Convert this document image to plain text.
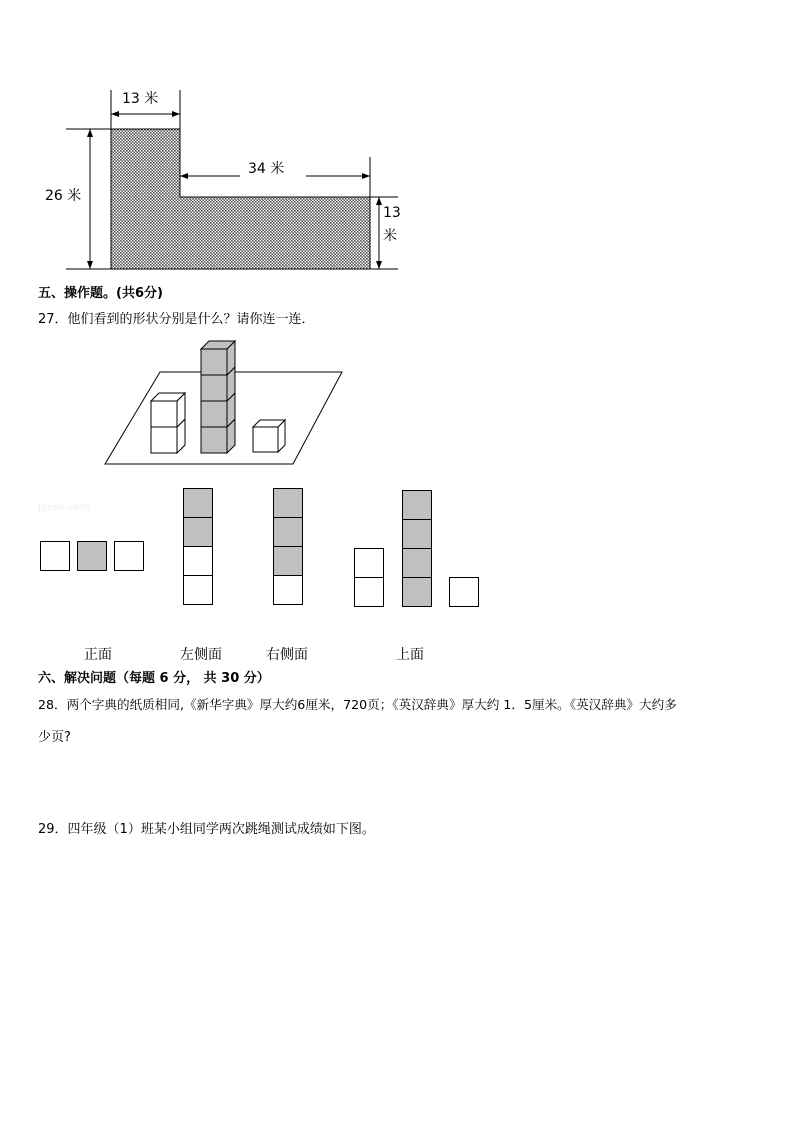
13 米
34 米
26 米
13
米
五、操作题。(共6分)
27．他们看到的形状分别是什么？请你连一连．
Jyeoo.com
正面	左侧面	右侧面	上面
六、解决问题（每题 6 分， 共 30 分）
28．两个字典的纸质相同,《新华字典》厚大约6厘米，720页；《英汉辞典》厚大约 1．5厘米。《英汉辞典》大约多
少页?
29．四年级（1）班某小组同学两次跳绳测试成绩如下图。
